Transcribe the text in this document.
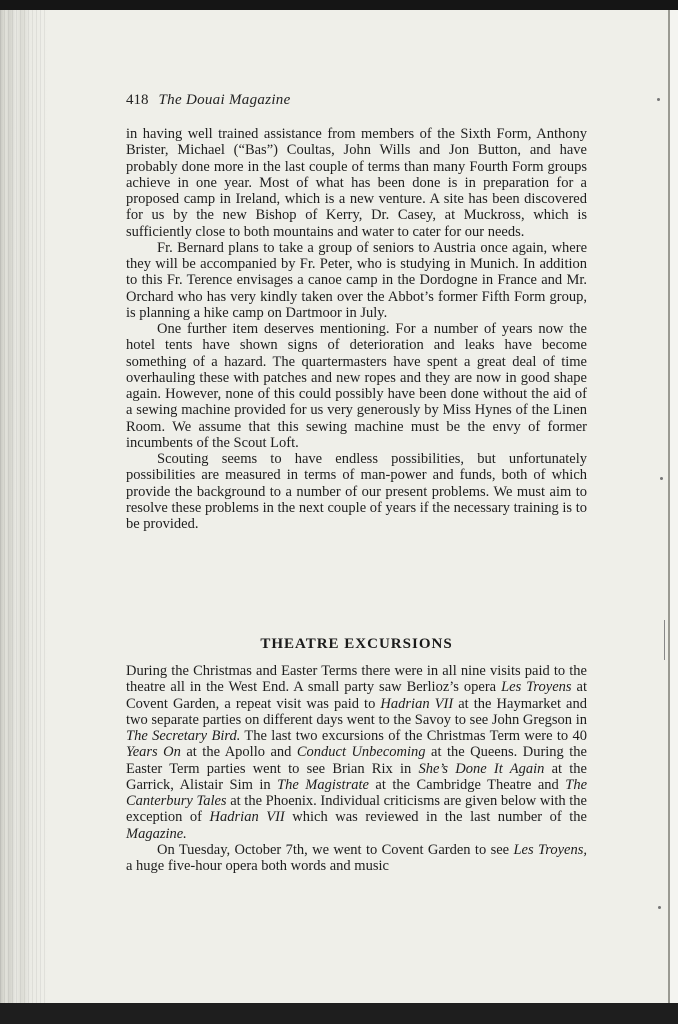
418 The Douai Magazine

in having well trained assistance from members of the Sixth Form, Anthony Brister, Michael (“Bas”) Coultas, John Wills and Jon Button, and have probably done more in the last couple of terms than many Fourth Form groups achieve in one year. Most of what has been done is in preparation for a proposed camp in Ireland, which is a new venture. A site has been discovered for us by the new Bishop of Kerry, Dr. Casey, at Muckross, which is sufficiently close to both mountains and water to cater for our needs.

Fr. Bernard plans to take a group of seniors to Austria once again, where they will be accompanied by Fr. Peter, who is studying in Munich. In addition to this Fr. Terence envisages a canoe camp in the Dordogne in France and Mr. Orchard who has very kindly taken over the Abbot’s former Fifth Form group, is planning a hike camp on Dartmoor in July.

One further item deserves mentioning. For a number of years now the hotel tents have shown signs of deterioration and leaks have become something of a hazard. The quartermasters have spent a great deal of time overhauling these with patches and new ropes and they are now in good shape again. However, none of this could possibly have been done without the aid of a sewing machine provided for us very generously by Miss Hynes of the Linen Room. We assume that this sewing machine must be the envy of former incumbents of the Scout Loft.

Scouting seems to have endless possibilities, but unfortunately possibilities are measured in terms of man-power and funds, both of which provide the background to a number of our present problems. We must aim to resolve these problems in the next couple of years if the necessary training is to be provided.

THEATRE EXCURSIONS

During the Christmas and Easter Terms there were in all nine visits paid to the theatre all in the West End. A small party saw Berlioz’s opera Les Troyens at Covent Garden, a repeat visit was paid to Hadrian VII at the Haymarket and two separate parties on different days went to the Savoy to see John Gregson in The Secretary Bird. The last two excursions of the Christmas Term were to 40 Years On at the Apollo and Conduct Unbecoming at the Queens. During the Easter Term parties went to see Brian Rix in She’s Done It Again at the Garrick, Alistair Sim in The Magistrate at the Cambridge Theatre and The Canterbury Tales at the Phoenix. Individual criticisms are given below with the exception of Hadrian VII which was reviewed in the last number of the Magazine.

On Tuesday, October 7th, we went to Covent Garden to see Les Troyens, a huge five-hour opera both words and music
